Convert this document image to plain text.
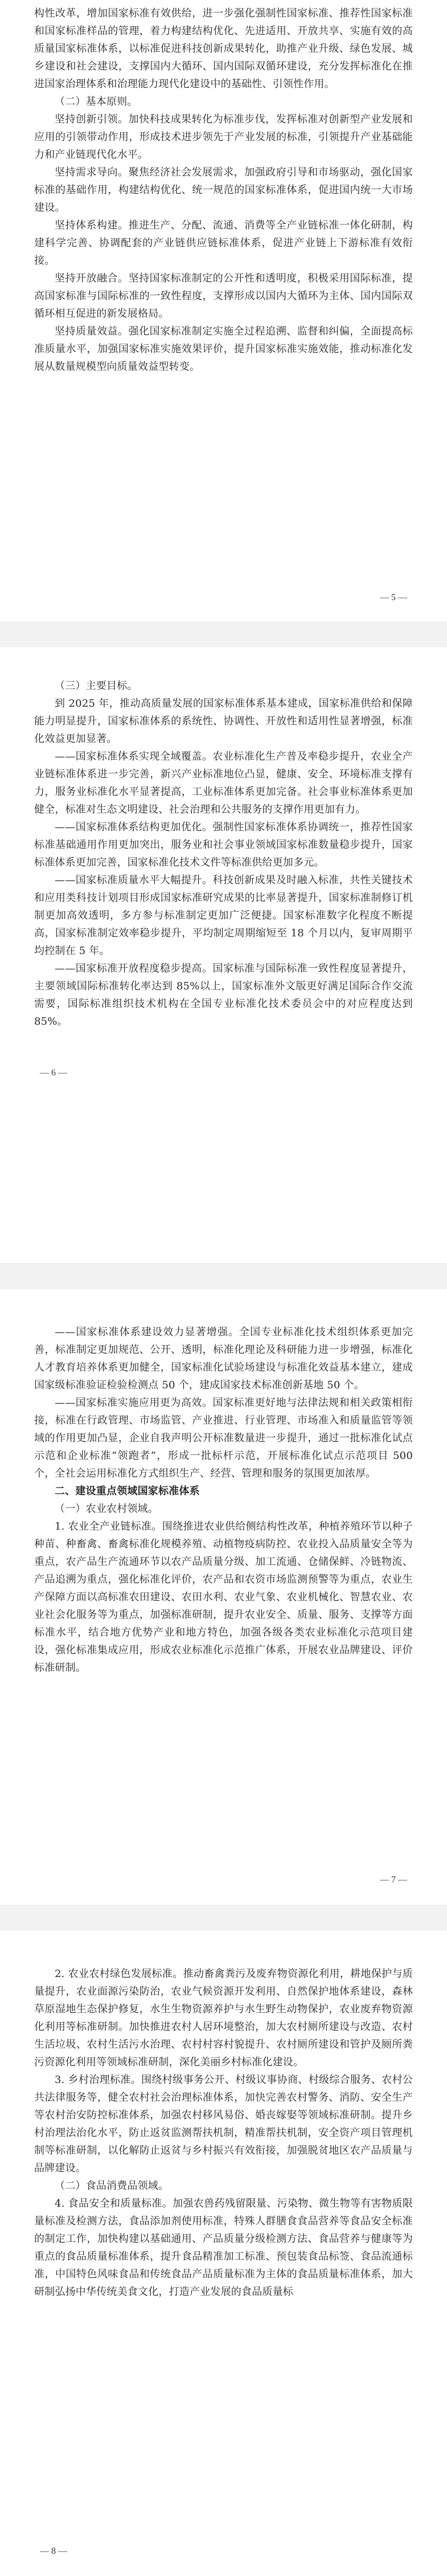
构性改革，增加国家标准有效供给，进一步强化强制性国家标准、推荐性国家标准和国家标准样品的管理，着力构建结构优化、先进适用、开放共享、实施有效的高质量国家标准体系，以标准促进科技创新成果转化，助推产业升级、绿色发展、城乡建设和社会建设，支撑国内大循环、国内国际双循环建设，充分发挥标准化在推进国家治理体系和治理能力现代化建设中的基础性、引领性作用。

（二）基本原则。

坚持创新引领。加快科技成果转化为标准步伐，发挥标准对创新型产业发展和应用的引领带动作用，形成技术进步领先于产业发展的标准，引领提升产业基础能力和产业链现代化水平。

坚持需求导向。聚焦经济社会发展需求，加强政府引导和市场驱动，强化国家标准的基础作用，构建结构优化、统一规范的国家标准体系，促进国内统一大市场建设。

坚持体系构建。推进生产、分配、流通、消费等全产业链标准一体化研制，构建科学完善、协调配套的产业链供应链标准体系，促进产业链上下游标准有效衔接。

坚持开放融合。坚持国家标准制定的公开性和透明度，积极采用国际标准，提高国家标准与国际标准的一致性程度，支撑形成以国内大循环为主体、国内国际双循环相互促进的新发展格局。

坚持质量效益。强化国家标准制定实施全过程追溯、监督和纠偏，全面提高标准质量水平，加强国家标准实施效果评价，提升国家标准实施效能，推动标准化发展从数量规模型向质量效益型转变。

— 5 —

（三）主要目标。

到 2025 年，推动高质量发展的国家标准体系基本建成，国家标准供给和保障能力明显提升，国家标准体系的系统性、协调性、开放性和适用性显著增强，标准化效益更加显著。

——国家标准体系实现全域覆盖。农业标准化生产普及率稳步提升，农业全产业链标准体系进一步完善，新兴产业标准地位凸显，健康、安全、环境标准支撑有力，服务业标准化水平显著提高，工业标准体系更加完备。社会事业标准体系更加健全，标准对生态文明建设、社会治理和公共服务的支撑作用更加有力。

——国家标准体系结构更加优化。强制性国家标准体系协调统一，推荐性国家标准基础通用作用更加突出，服务业和社会事业领域国家标准数量稳步提升，国家标准体系更加完善，国家标准化技术文件等标准供给更加多元。

——国家标准质量水平大幅提升。科技创新成果及时融入标准，共性关键技术和应用类科技计划项目形成国家标准研究成果的比率显著提升，国家标准制修订机制更加高效透明，多方参与标准制定更加广泛便捷。国家标准数字化程度不断提高，国家标准制定效率稳步提升，平均制定周期缩短至 18 个月以内，复审周期平均控制在 5 年。

——国家标准开放程度稳步提高。国家标准与国际标准一致性程度显著提升，主要领域国际标准转化率达到 85%以上，国家标准外文版更好满足国际合作交流需要，国际标准组织技术机构在全国专业标准化技术委员会中的对应程度达到 85%。

— 6 —

——国家标准体系建设效力显著增强。全国专业标准化技术组织体系更加完善，标准制定更加规范、公开、透明，标准化理论及科研能力进一步增强，标准化人才教育培养体系更加健全，国家标准化试验场建设与标准化效益基本建立，建成国家级标准验证检验检测点 50 个，建成国家技术标准创新基地 50 个。

——国家标准实施应用更为高效。国家标准更好地与法律法规和相关政策相衔接，标准在行政管理、市场监管、产业推进、行业管理、市场准入和质量监管等领域的作用更加凸显，企业自我声明公开标准数量进一步提升，通过一批标准化试点示范和企业标准“领跑者”，形成一批标杆示范，开展标准化试点示范项目 500 个，全社会运用标准化方式组织生产、经营、管理和服务的氛围更加浓厚。

二、建设重点领域国家标准体系

（一）农业农村领域。

1. 农业全产业链标准。围绕推进农业供给侧结构性改革，种植养殖环节以种子种苗、种畜禽、畜禽标准化规模养殖、动植物疫病防控、农业投入品质量安全等为重点，农产品生产流通环节以农产品质量分级、加工流通、仓储保鲜、冷链物流、产品追溯为重点，强化标准化评价，农产品和农资市场监测预警等为重点，农业生产保障方面以高标准农田建设、农田水利、农业气象、农业机械化、智慧农业、农业社会化服务等为重点，加强标准研制，提升农业安全、质量、服务、支撑等方面标准水平，结合地方优势产业和地方特色，加强各级各类农业标准化示范项目建设，强化标准集成应用，形成农业标准化示范推广体系，开展农业品牌建设、评价标准研制。

— 7 —

2. 农业农村绿色发展标准。推动畜禽粪污及废弃物资源化利用，耕地保护与质量提升，农业面源污染防治，农业气候资源开发利用、自然保护地体系建设，森林草原湿地生态保护修复，水生生物资源养护与水生野生动物保护，农业废弃物资源化利用等标准研制。加快推进农村人居环境整治，加大农村厕所建设与改造、农村生活垃圾、农村生活污水治理、农村村容村貌提升、农村厕所建设和管护及厕所粪污资源化利用等领域标准研制，深化美丽乡村标准化建设。

3. 乡村治理标准。围绕村级事务公开、村级议事协商、村级综合服务、农村公共法律服务等，健全农村社会治理标准体系，加快完善农村警务、消防、安全生产等农村治安防控标准体系，加强农村移风易俗、婚丧嫁娶等领域标准研制。提升乡村治理法治化水平，防止返贫监测帮扶机制，精准帮扶机制，安全资产项目管理机制等标准研制，以化解防止返贫与乡村振兴有效衔接，加强脱贫地区农产品质量与品牌建设。

（二）食品消费品领域。

4. 食品安全和质量标准。加强农兽药残留限量、污染物、微生物等有害物质限量标准及检测方法，食品添加剂使用标准，特殊人群膳食食品营养等食品安全标准的制定工作，加快构建以基础通用、产品质量分级检测方法、食品营养与健康等为重点的食品质量标准体系，提升食品精准加工标准、预包装食品标签、食品流通标准，中国特色风味食品和传统食品产品质量标准为主体的食品质量标准体系，加大研制弘扬中华传统美食文化，打造产业发展的食品质量标

— 8 —
